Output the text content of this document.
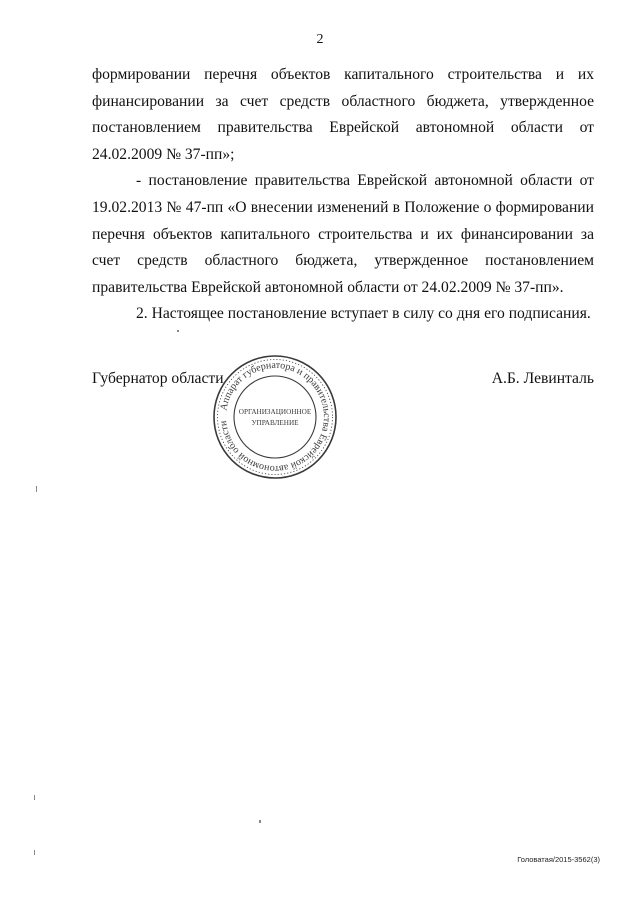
2

формировании перечня объектов капитального строительства и их финансировании за счет средств областного бюджета, утвержденное постановлением правительства Еврейской автономной области от 24.02.2009 № 37-пп»;

- постановление правительства Еврейской автономной области от 19.02.2013 № 47-пп «О внесении изменений в Положение о формировании перечня объектов капитального строительства и их финансировании за счет средств областного бюджета, утвержденное постановлением правительства Еврейской автономной области от 24.02.2009 № 37-пп».

2. Настоящее постановление вступает в силу со дня его подписания.

Губернатор области	А.Б. Левинталь
Аппарат губернатора и правительства Еврейской автономной области
ОРГАНИЗАЦИОННОЕ
УПРАВЛЕНИЕ
Головатая/2015-3562(3)
